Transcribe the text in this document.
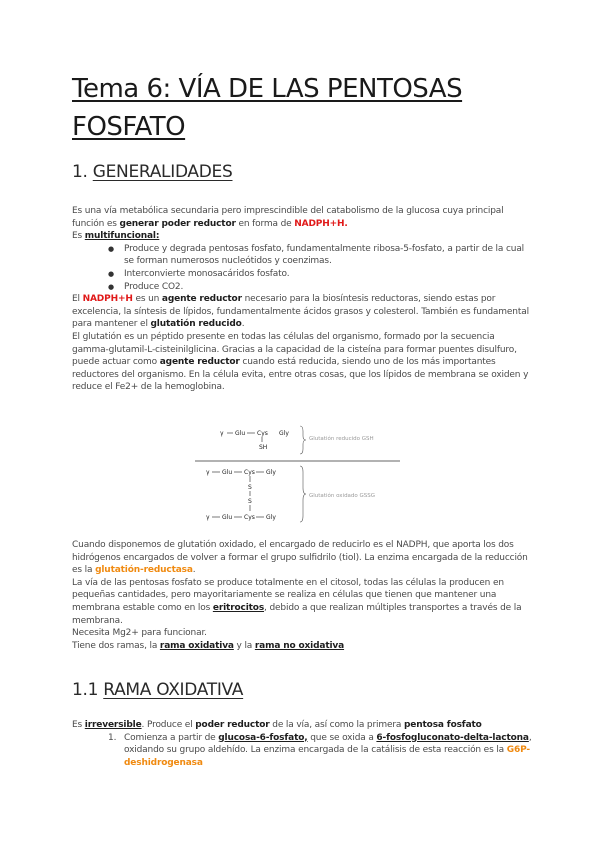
Tema 6: VÍA DE LAS PENTOSAS
FOSFATO
1. GENERALIDADES

Es una vía metabólica secundaria pero imprescindible del catabolismo de la glucosa cuya principal función es generar poder reductor en forma de NADPH+H.

Es multifuncional:

● Produce y degrada pentosas fosfato, fundamentalmente ribosa-5-fosfato, a partir de la cual se forman numerosos nucleótidos y coenzimas.
● Interconvierte monosacáridos fosfato.
● Produce CO2.

El NADPH+H es un agente reductor necesario para la biosíntesis reductoras, siendo estas por excelencia, la síntesis de lípidos, fundamentalmente ácidos grasos y colesterol. También es fundamental para mantener el glutatión reducido.

El glutatión es un péptido presente en todas las células del organismo, formado por la secuencia gamma-glutamil-L-cisteinilglicina. Gracias a la capacidad de la cisteína para formar puentes disulfuro, puede actuar como agente reductor cuando está reducida, siendo uno de los más importantes reductores del organismo. En la célula evita, entre otras cosas, que los lípidos de membrana se oxiden y reduce el Fe2+ de la hemoglobina.

γ Glu Cys Gly
SH
Glutatión reducido GSH
γ Glu Cys Gly
S
S
γ Glu Cys Gly
Glutatión oxidado GSSG

Cuando disponemos de glutatión oxidado, el encargado de reducirlo es el NADPH, que aporta los dos hidrógenos encargados de volver a formar el grupo sulfidrilo (tiol). La enzima encargada de la reducción es la glutatión-reductasa.

La vía de las pentosas fosfato se produce totalmente en el citosol, todas las células la producen en pequeñas cantidades, pero mayoritariamente se realiza en células que tienen que mantener una membrana estable como en los eritrocitos, debido a que realizan múltiples transportes a través de la membrana.

Necesita Mg2+ para funcionar.

Tiene dos ramas, la rama oxidativa y la rama no oxidativa

1.1 RAMA OXIDATIVA

Es irreversible. Produce el poder reductor de la vía, así como la primera pentosa fosfato

1. Comienza a partir de glucosa-6-fosfato, que se oxida a 6-fosfogluconato-delta-lactona, oxidando su grupo aldehído. La enzima encargada de la catálisis de esta reacción es la G6P-deshidrogenasa
